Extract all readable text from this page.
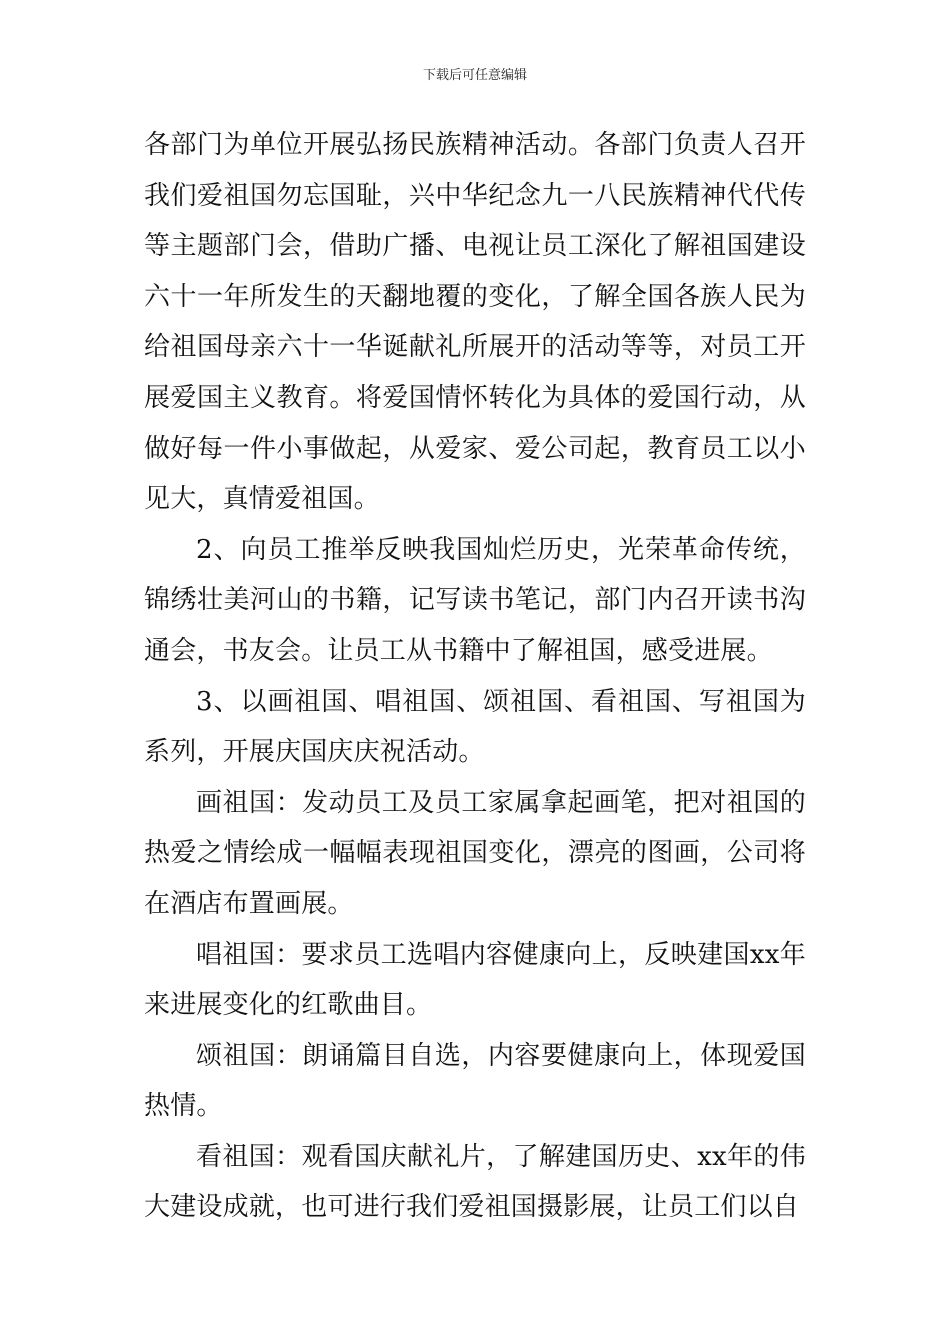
下载后可任意编辑

各部门为单位开展弘扬民族精神活动。各部门负责人召开我们爱祖国勿忘国耻，兴中华纪念九一八民族精神代代传等主题部门会，借助广播、电视让员工深化了解祖国建设六十一年所发生的天翻地覆的变化，了解全国各族人民为给祖国母亲六十一华诞献礼所展开的活动等等，对员工开展爱国主义教育。将爱国情怀转化为具体的爱国行动，从做好每一件小事做起，从爱家、爱公司起，教育员工以小见大，真情爱祖国。

2、向员工推举反映我国灿烂历史，光荣革命传统，锦绣壮美河山的书籍，记写读书笔记，部门内召开读书沟通会，书友会。让员工从书籍中了解祖国，感受进展。

3、以画祖国、唱祖国、颂祖国、看祖国、写祖国为系列，开展庆国庆庆祝活动。

画祖国：发动员工及员工家属拿起画笔，把对祖国的热爱之情绘成一幅幅表现祖国变化，漂亮的图画，公司将在酒店布置画展。

唱祖国：要求员工选唱内容健康向上，反映建国xx年来进展变化的红歌曲目。

颂祖国：朗诵篇目自选，内容要健康向上，体现爱国热情。

看祖国：观看国庆献礼片，了解建国历史、xx年的伟大建设成就，也可进行我们爱祖国摄影展，让员工们以自
